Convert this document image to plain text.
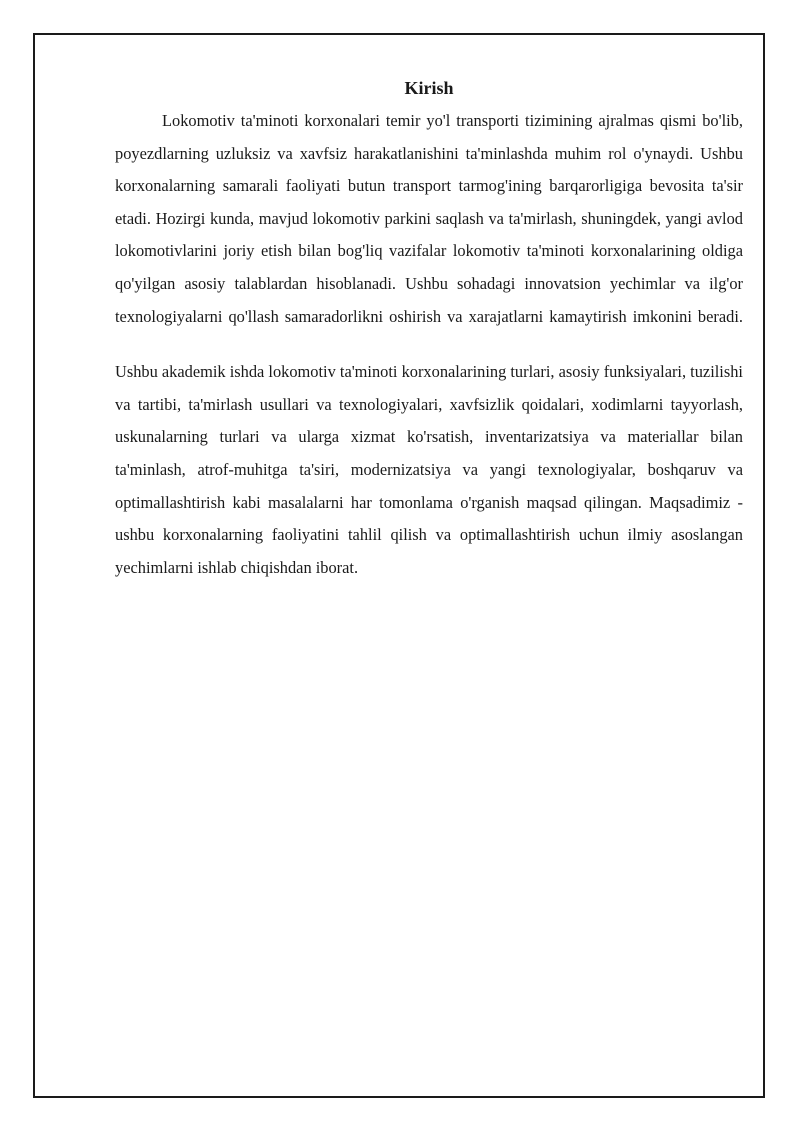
Kirish

Lokomotiv ta'minoti korxonalari temir yo'l transporti tizimining ajralmas qismi bo'lib, poyezdlarning uzluksiz va xavfsiz harakatlanishini ta'minlashda muhim rol o'ynaydi. Ushbu korxonalarning samarali faoliyati butun transport tarmog'ining barqarorligiga bevosita ta'sir etadi. Hozirgi kunda, mavjud lokomotiv parkini saqlash va ta'mirlash, shuningdek, yangi avlod lokomotivlarini joriy etish bilan bog'liq vazifalar lokomotiv ta'minoti korxonalarining oldiga qo'yilgan asosiy talablardan hisoblanadi. Ushbu sohadagi innovatsion yechimlar va ilg'or texnologiyalarni qo'llash samaradorlikni oshirish va xarajatlarni kamaytirish imkonini beradi.

Ushbu akademik ishda lokomotiv ta'minoti korxonalarining turlari, asosiy funksiyalari, tuzilishi va tartibi, ta'mirlash usullari va texnologiyalari, xavfsizlik qoidalari, xodimlarni tayyorlash, uskunalarning turlari va ularga xizmat ko'rsatish, inventarizatsiya va materiallar bilan ta'minlash, atrof-muhitga ta'siri, modernizatsiya va yangi texnologiyalar, boshqaruv va optimallashtirish kabi masalalarni har tomonlama o'rganish maqsad qilingan. Maqsadimiz - ushbu korxonalarning faoliyatini tahlil qilish va optimallashtirish uchun ilmiy asoslangan yechimlarni ishlab chiqishdan iborat.
